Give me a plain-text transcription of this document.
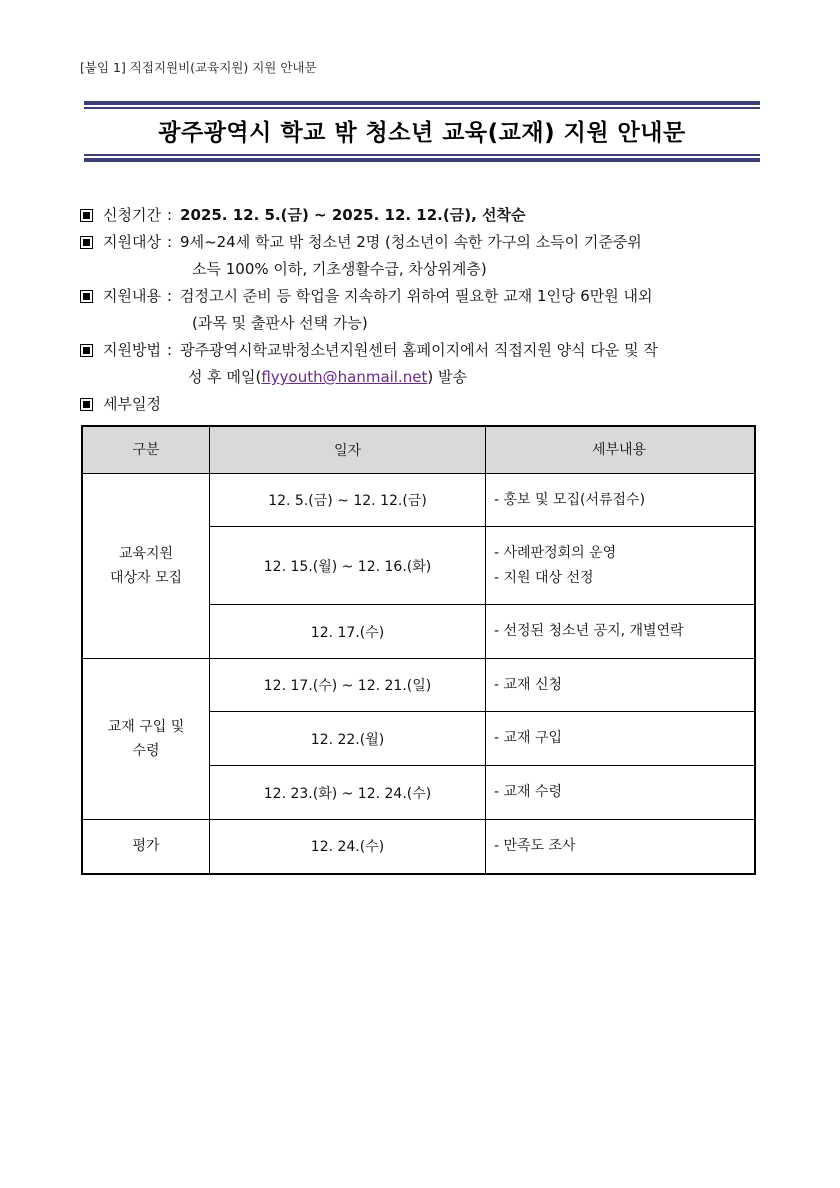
[붙임 1] 직접지원비(교육지원) 지원 안내문
광주광역시 학교 밖 청소년 교육(교재) 지원 안내문
신청기간 : 2025. 12. 5.(금) ~ 2025. 12. 12.(금), 선착순
지원대상 : 9세~24세 학교 밖 청소년 2명 (청소년이 속한 가구의 소득이 기준중위
소득 100% 이하, 기초생활수급, 차상위계층)
지원내용 : 검정고시 준비 등 학업을 지속하기 위하여 필요한 교재 1인당 6만원 내외
(과목 및 출판사 선택 가능)
지원방법 : 광주광역시학교밖청소년지원센터 홈페이지에서 직접지원 양식 다운 및 작
성 후 메일( flyyouth@hanmail.net ) 발송
세부일정
구분	일자	세부내용
교육지원
대상자 모집	12. 5.(금) ~ 12. 12.(금)	- 홍보 및 모집(서류접수)
	12. 15.(월) ~ 12. 16.(화)	- 사례판정회의 운영
- 지원 대상 선정

	12. 17.(수)	- 선정된 청소년 공지, 개별연락
교재 구입 및
수령	12. 17.(수) ~ 12. 21.(일)	- 교재 신청
	12. 22.(월)	- 교재 구입
	12. 23.(화) ~ 12. 24.(수)	- 교재 수령
평가	12. 24.(수)	- 만족도 조사
